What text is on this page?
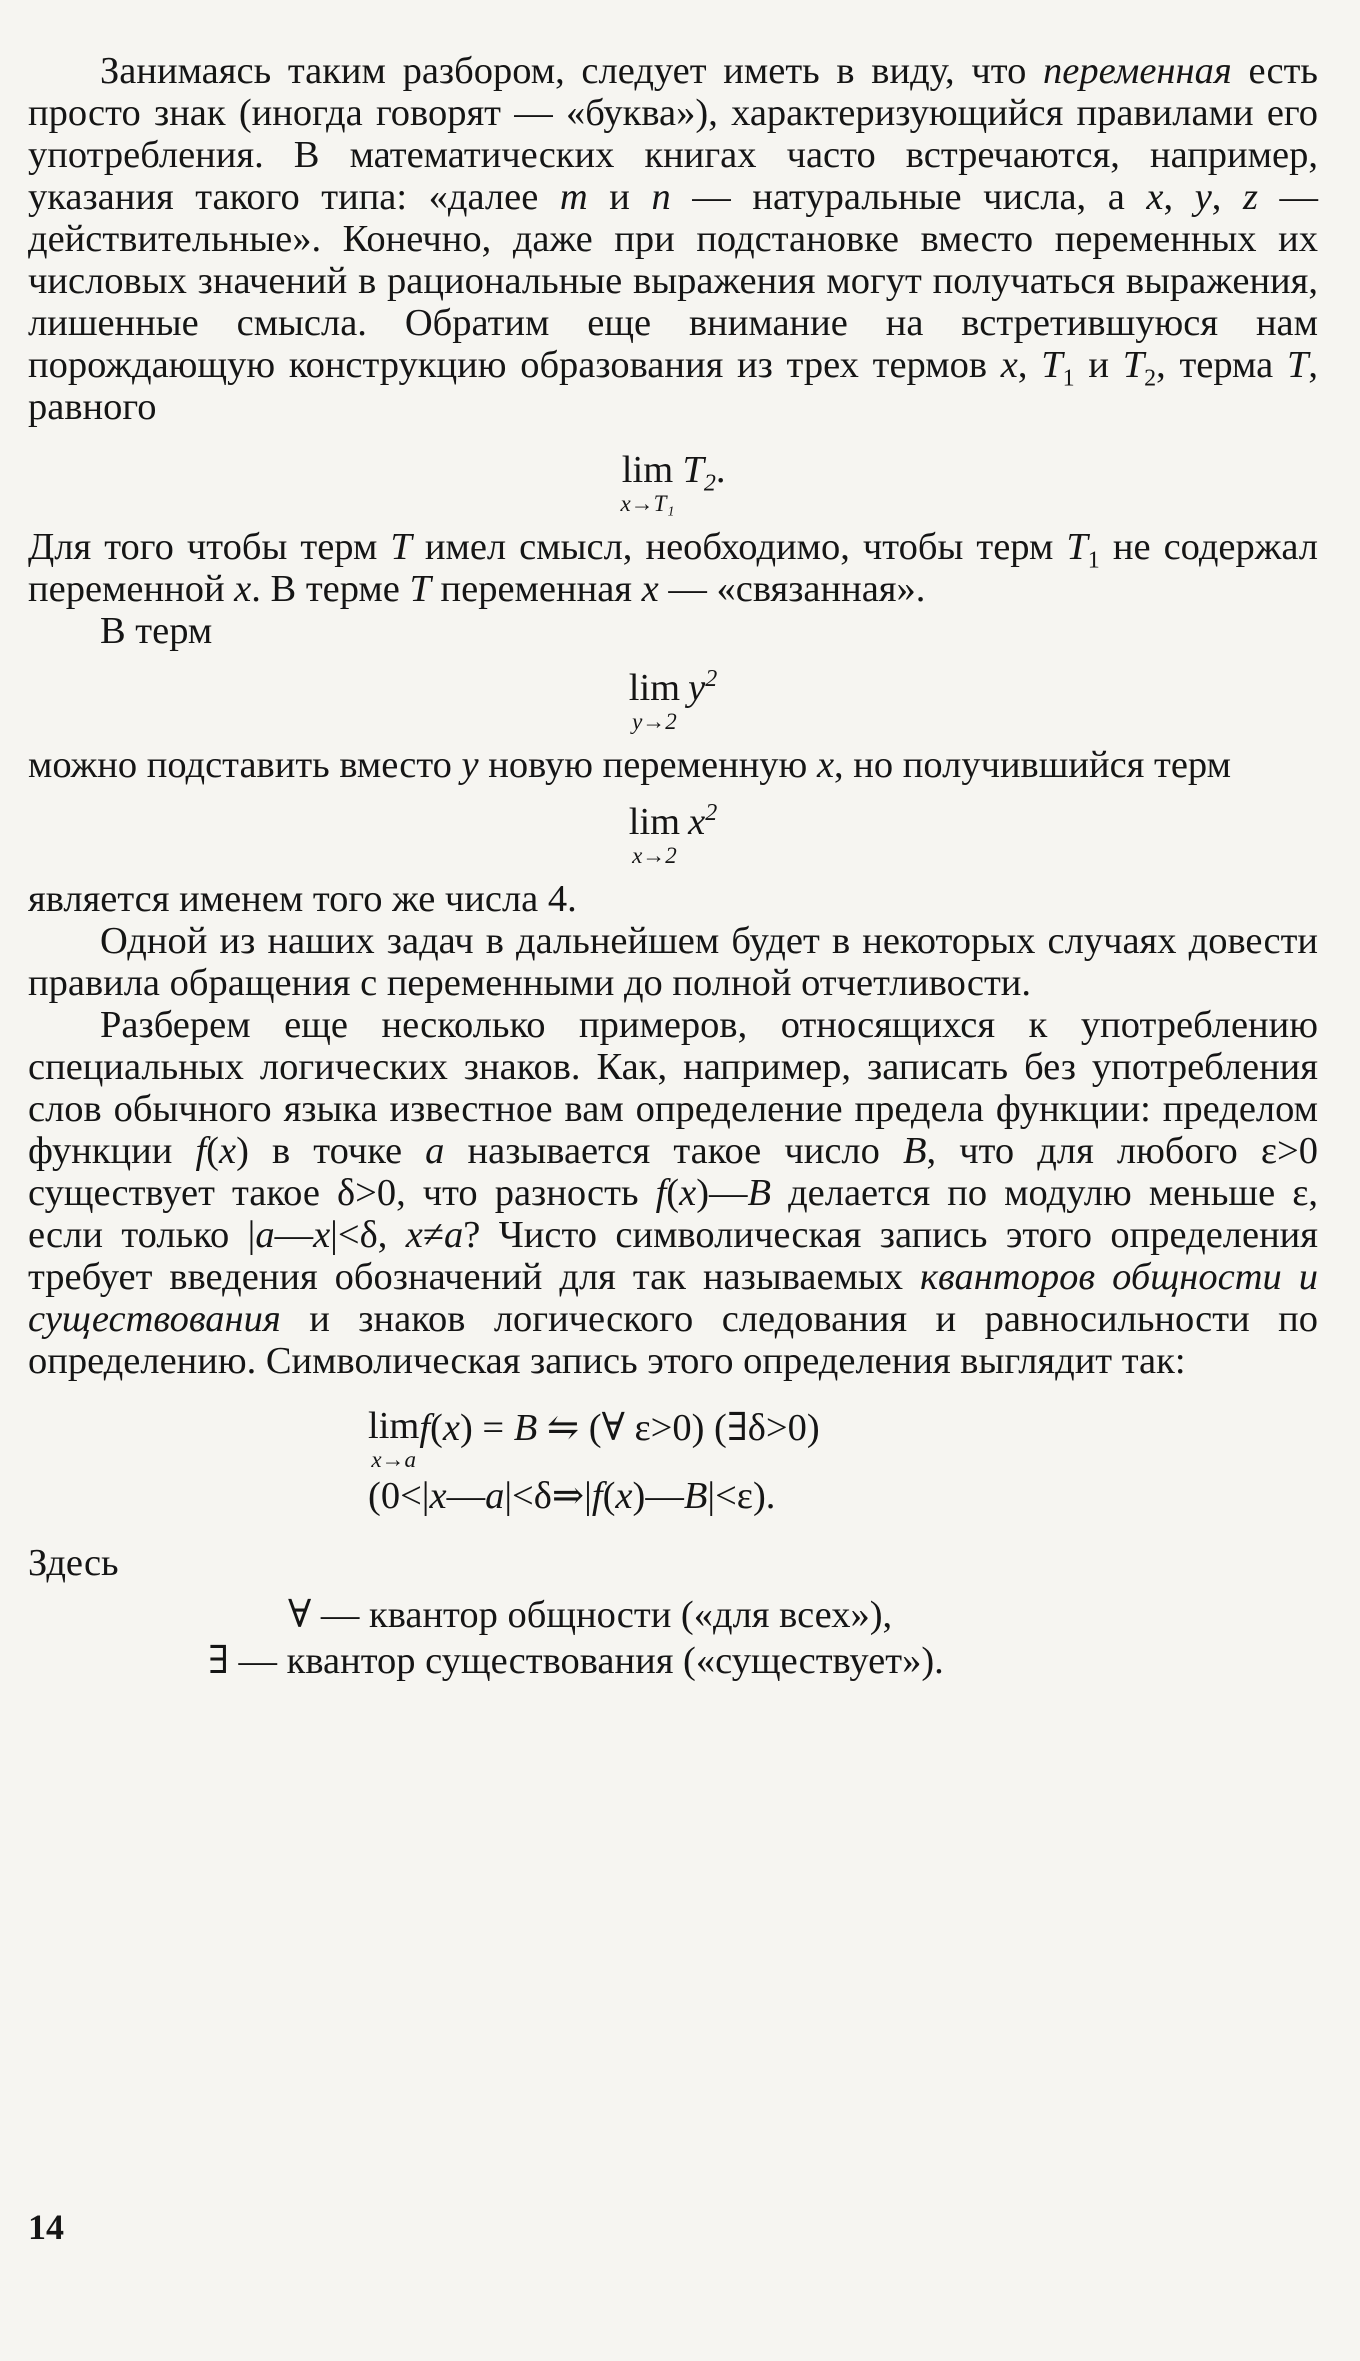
Занимаясь таким разбором, следует иметь в виду, что переменная есть просто знак (иногда говорят — «буква»), характеризующийся правилами его употребления. В математических книгах часто встречаются, например, указания такого типа: «далее m и n — натуральные числа, а x, y, z — действительные». Конечно, даже при подстановке вместо переменных их числовых значений в рациональные выражения могут получаться выражения, лишенные смысла. Обратим еще внимание на встретившуюся нам порождающую конструкцию образования из трех термов x, $T_1$ и $T_2$, терма T, равного

lim
x→T₁
$T_2$.

Для того чтобы терм T имел смысл, необходимо, чтобы терм $T_1$ не содержал переменной x. В терме T переменная x — «связанная».

В терм

lim
y→2
$y^2$

можно подставить вместо y новую переменную x, но получившийся терм

lim
x→2
$x^2$

является именем того же числа 4.

Одной из наших задач в дальнейшем будет в некоторых случаях довести правила обращения с переменными до полной отчетливости.

Разберем еще несколько примеров, относящихся к употреблению специальных логических знаков. Как, например, записать без употребления слов обычного языка известное вам определение предела функции: пределом функции f(x) в точке a называется такое число B, что для любого ε>0 существует такое δ>0, что разность f(x)—B делается по модулю меньше ε, если только |a—x|<δ, x≠a? Чисто символическая запись этого определения требует введения обозначений для так называемых кванторов общности и существования и знаков логического следования и равносильности по определению. Символическая запись этого определения выглядит так:

lim
x→a
f(x) = B ⇋ (∀ ε>0) (∃δ>0)
(0<|x—a|<δ⇒|f(x)—B|<ε).

Здесь

∀ — квантор общности («для всех»),
∃ — квантор существования («существует»).
14
